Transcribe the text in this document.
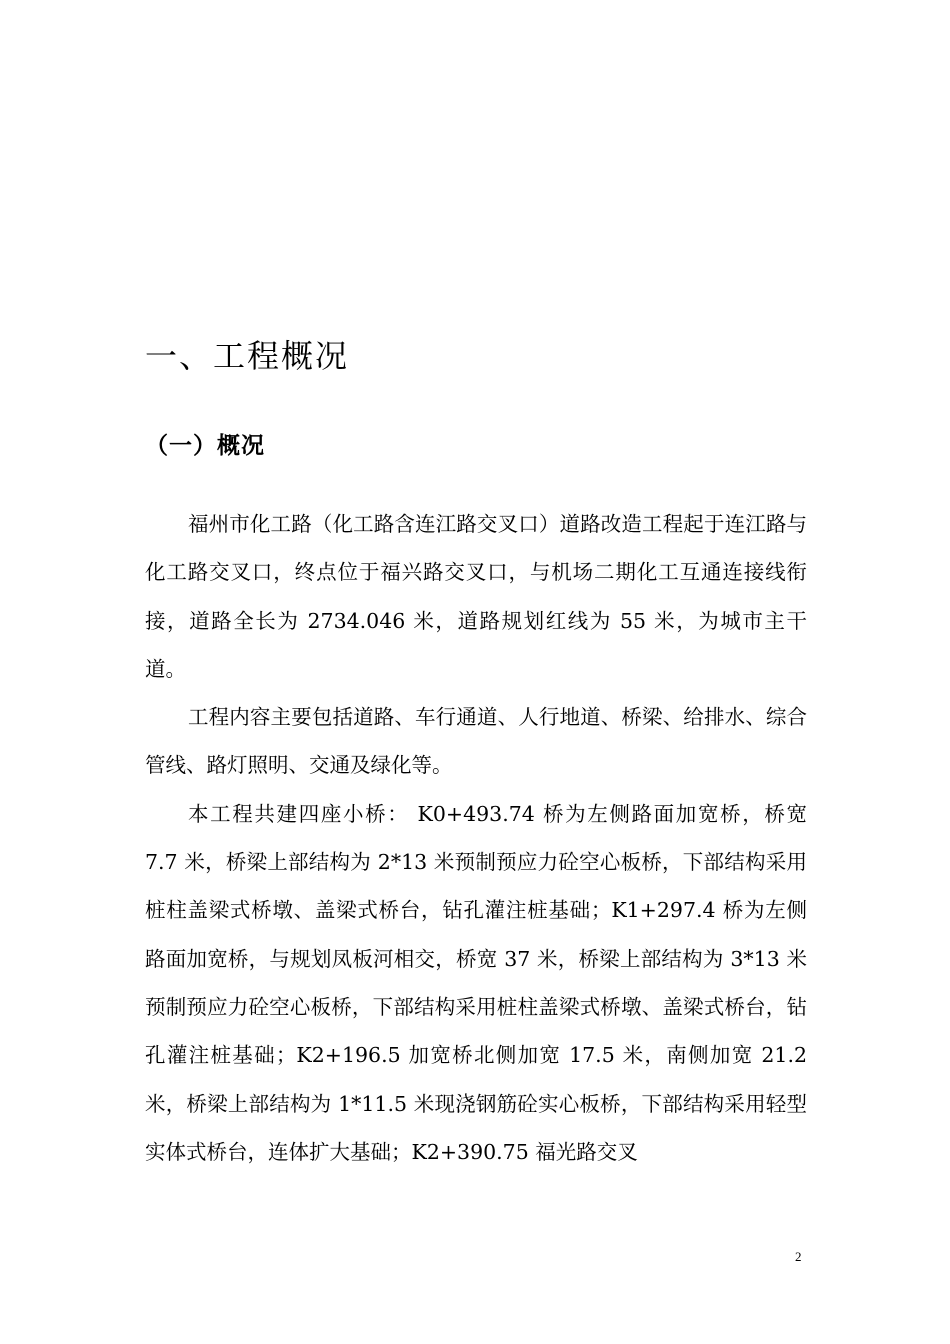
一、工程概况
（一）概况

福州市化工路（化工路含连江路交叉口）道路改造工程起于连江路与化工路交叉口，终点位于福兴路交叉口，与机场二期化工互通连接线衔接，道路全长为 2734.046 米，道路规划红线为 55 米，为城市主干道。

工程内容主要包括道路、车行通道、人行地道、桥梁、给排水、综合管线、路灯照明、交通及绿化等。

本工程共建四座小桥： K0+493.74 桥为左侧路面加宽桥，桥宽 7.7 米，桥梁上部结构为 2*13 米预制预应力砼空心板桥，下部结构采用桩柱盖梁式桥墩、盖梁式桥台，钻孔灌注桩基础；K1+297.4 桥为左侧路面加宽桥，与规划凤板河相交，桥宽 37 米，桥梁上部结构为 3*13 米预制预应力砼空心板桥，下部结构采用桩柱盖梁式桥墩、盖梁式桥台，钻孔灌注桩基础；K2+196.5 加宽桥北侧加宽 17.5 米，南侧加宽 21.2 米，桥梁上部结构为 1*11.5 米现浇钢筋砼实心板桥，下部结构采用轻型实体式桥台，连体扩大基础；K2+390.75 福光路交叉

2
